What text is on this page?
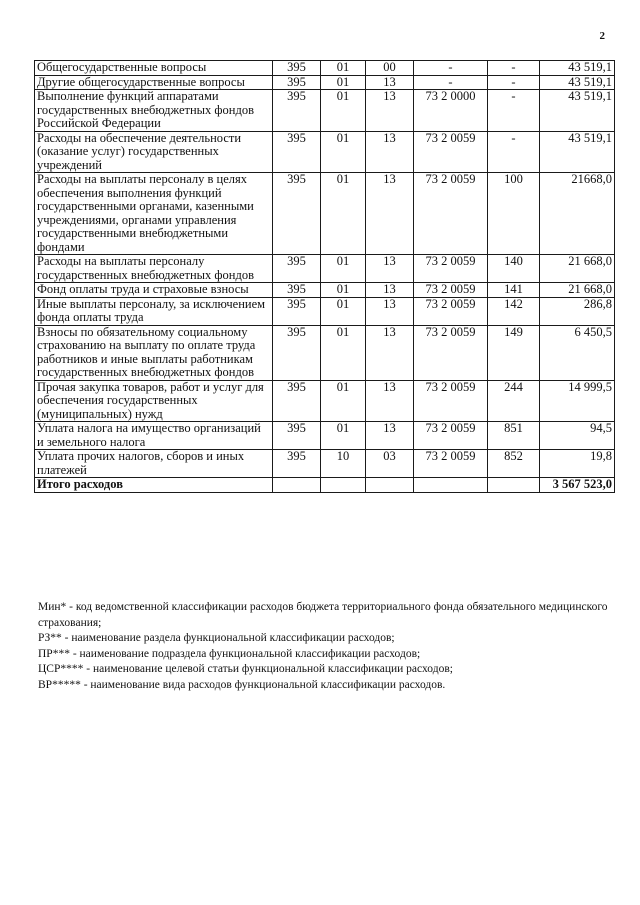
2
Общегосударственные вопросы	395	01	00	-	-	43 519,1
Другие общегосударственные вопросы	395	01	13	-	-	43 519,1
Выполнение функций аппаратами государственных внебюджетных фондов Российской Федерации	395	01	13	73 2 0000	-	43 519,1
Расходы на обеспечение деятельности (оказание услуг) государственных учреждений	395	01	13	73 2 0059	-	43 519,1
Расходы на выплаты персоналу в целях обеспечения выполнения функций государственными органами, казенными учреждениями, органами управления государственными внебюджетными фондами	395	01	13	73 2 0059	100	21668,0
Расходы на выплаты персоналу государственных внебюджетных фондов	395	01	13	73 2 0059	140	21 668,0
Фонд оплаты труда и страховые взносы	395	01	13	73 2 0059	141	21 668,0
Иные выплаты персоналу, за исключением фонда оплаты труда	395	01	13	73 2 0059	142	286,8
Взносы по обязательному социальному страхованию на выплату по оплате труда работников и иные выплаты работникам государственных внебюджетных фондов	395	01	13	73 2 0059	149	6 450,5
Прочая закупка товаров, работ и услуг для обеспечения государственных (муниципальных) нужд	395	01	13	73 2 0059	244	14 999,5
Уплата налога на имущество организаций и земельного налога	395	01	13	73 2 0059	851	94,5
Уплата прочих налогов, сборов и иных платежей	395	10	03	73 2 0059	852	19,8
Итого расходов						3 567 523,0

Мин* - код ведомственной классификации расходов бюджета территориального фонда обязательного медицинского страхования;

РЗ** - наименование раздела функциональной классификации расходов;

ПР*** - наименование подраздела функциональной классификации расходов;

ЦСР**** - наименование целевой статьи функциональной классификации расходов;

ВР***** - наименование вида расходов функциональной классификации расходов.
